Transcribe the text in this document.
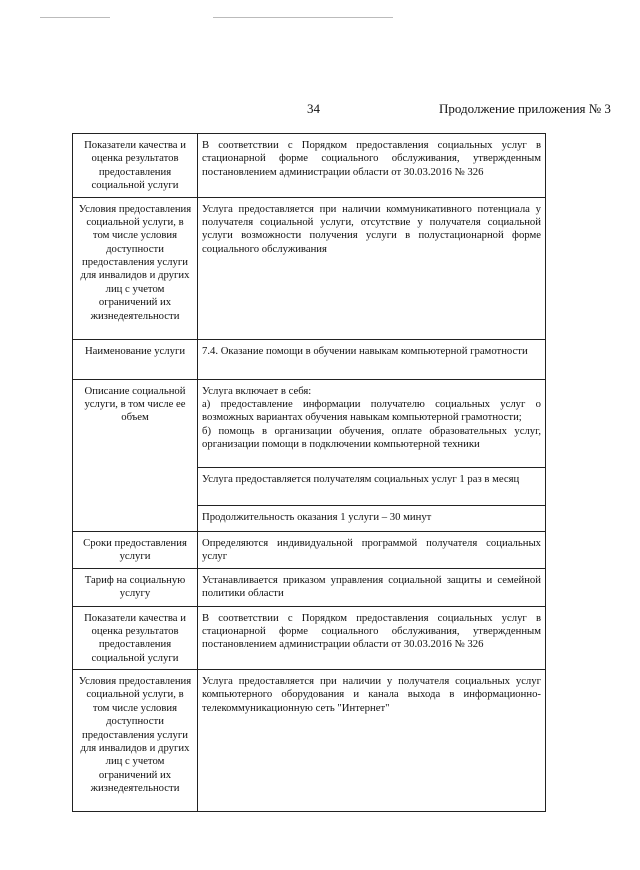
34	Продолжение приложения № 3
Показатели качества и оценка результатов предоставления социальной услуги	В соответствии с Порядком предоставления социальных услуг в стационарной форме социального обслуживания, утвержденным постановлением администрации области от 30.03.2016 № 326
Условия предоставления социальной услуги, в том числе условия доступности предоставления услуги для инвалидов и других лиц с учетом ограничений их жизнедеятельности	Услуга предоставляется при наличии коммуникативного потенциала у получателя социальной услуги, отсутствие у получателя социальной услуги возможности получения услуги в полустационарной форме социального обслуживания
Наименование услуги	7.4. Оказание помощи в обучении навыкам компьютерной грамотности
Описание социальной услуги, в том числе ее объем	Услуга включает в себя:
а) предоставление информации получателю социальных услуг о возможных вариантах обучения навыкам компьютерной грамотности;
б) помощь в организации обучения, оплате образовательных услуг, организации помощи в подключении компьютерной техники

	Услуга предоставляется получателям социальных услуг 1 раз в месяц
	Продолжительность оказания 1 услуги – 30 минут
Сроки предоставления услуги	Определяются индивидуальной программой получателя социальных услуг
Тариф на социальную услугу	Устанавливается приказом управления социальной защиты и семейной политики области
Показатели качества и оценка результатов предоставления социальной услуги	В соответствии с Порядком предоставления социальных услуг в стационарной форме социального обслуживания, утвержденным постановлением администрации области от 30.03.2016 № 326
Условия предоставления социальной услуги, в том числе условия доступности предоставления услуги для инвалидов и других лиц с учетом ограничений их жизнедеятельности	Услуга предоставляется при наличии у получателя социальных услуг компьютерного оборудования и канала выхода в информационно-телекоммуникационную сеть "Интернет"
